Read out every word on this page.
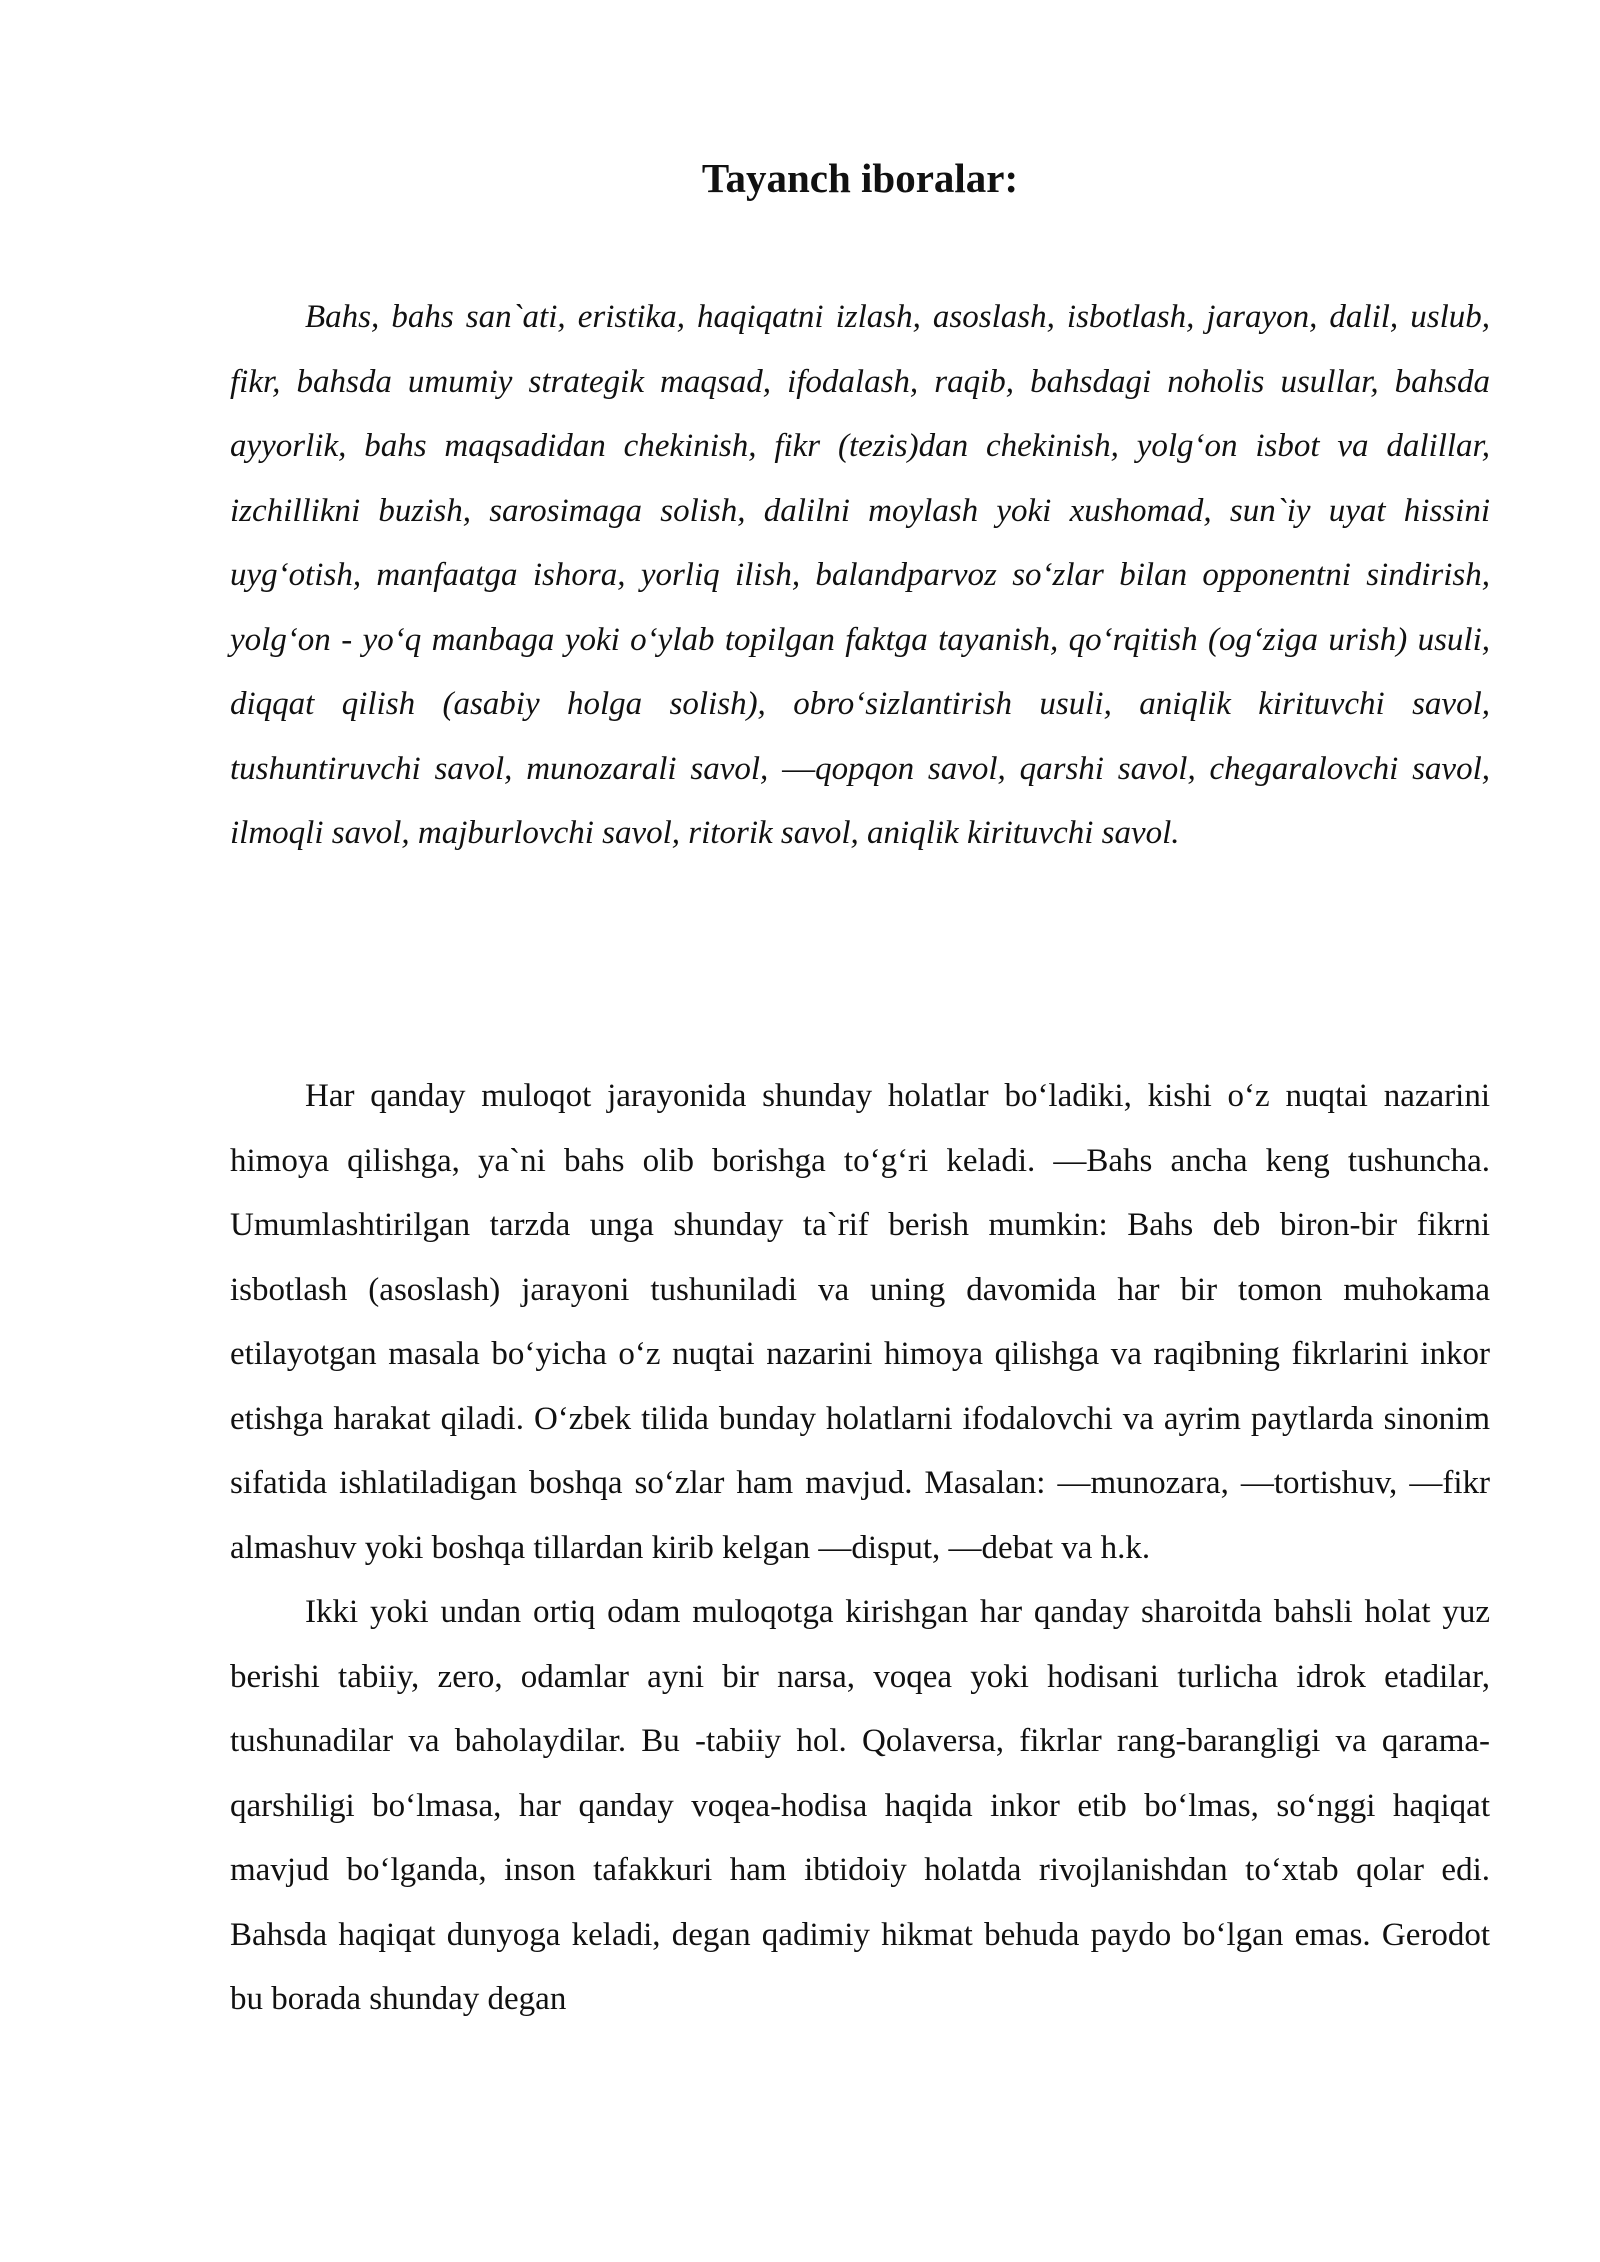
Tayanch iboralar:

Bahs, bahs san`ati, eristika, haqiqatni izlash, asoslash, isbotlash, jarayon, dalil, uslub, fikr, bahsda umumiy strategik maqsad, ifodalash, raqib, bahsdagi noholis usullar, bahsda ayyorlik, bahs maqsadidan chekinish, fikr (tezis)dan chekinish, yolg‘on isbot va dalillar, izchillikni buzish, sarosimaga solish, dalilni moylash yoki xushomad, sun`iy uyat hissini uyg‘otish, manfaatga ishora, yorliq ilish, balandparvoz so‘zlar bilan opponentni sindirish, yolg‘on - yo‘q manbaga yoki o‘ylab topilgan faktga tayanish, qo‘rqitish (og‘ziga urish) usuli, diqqat qilish (asabiy holga solish), obro‘sizlantirish usuli, aniqlik kirituvchi savol, tushuntiruvchi savol, munozarali savol, ―qopqon savol, qarshi savol, chegaralovchi savol, ilmoqli savol, majburlovchi savol, ritorik savol, aniqlik kirituvchi savol.

Har qanday muloqot jarayonida shunday holatlar bo‘ladiki, kishi o‘z nuqtai nazarini himoya qilishga, ya`ni bahs olib borishga to‘g‘ri keladi. ―Bahs ancha keng tushuncha. Umumlashtirilgan tarzda unga shunday ta`rif berish mumkin: Bahs deb biron-bir fikrni isbotlash (asoslash) jarayoni tushuniladi va uning davomida har bir tomon muhokama etilayotgan masala bo‘yicha o‘z nuqtai nazarini himoya qilishga va raqibning fikrlarini inkor etishga harakat qiladi. O‘zbek tilida bunday holatlarni ifodalovchi va ayrim paytlarda sinonim sifatida ishlatiladigan boshqa so‘zlar ham mavjud. Masalan: ―munozara, ―tortishuv, ―fikr almashuv yoki boshqa tillardan kirib kelgan ―disput, ―debat va h.k.

Ikki yoki undan ortiq odam muloqotga kirishgan har qanday sharoitda bahsli holat yuz berishi tabiiy, zero, odamlar ayni bir narsa, voqea yoki hodisani turlicha idrok etadilar, tushunadilar va baholaydilar. Bu -tabiiy hol. Qolaversa, fikrlar rang-barangligi va qarama-qarshiligi bo‘lmasa, har qanday voqea-hodisa haqida inkor etib bo‘lmas, so‘nggi haqiqat mavjud bo‘lganda, inson tafakkuri ham ibtidoiy holatda rivojlanishdan to‘xtab qolar edi. Bahsda haqiqat dunyoga keladi, degan qadimiy hikmat behuda paydo bo‘lgan emas. Gerodot bu borada shunday degan
